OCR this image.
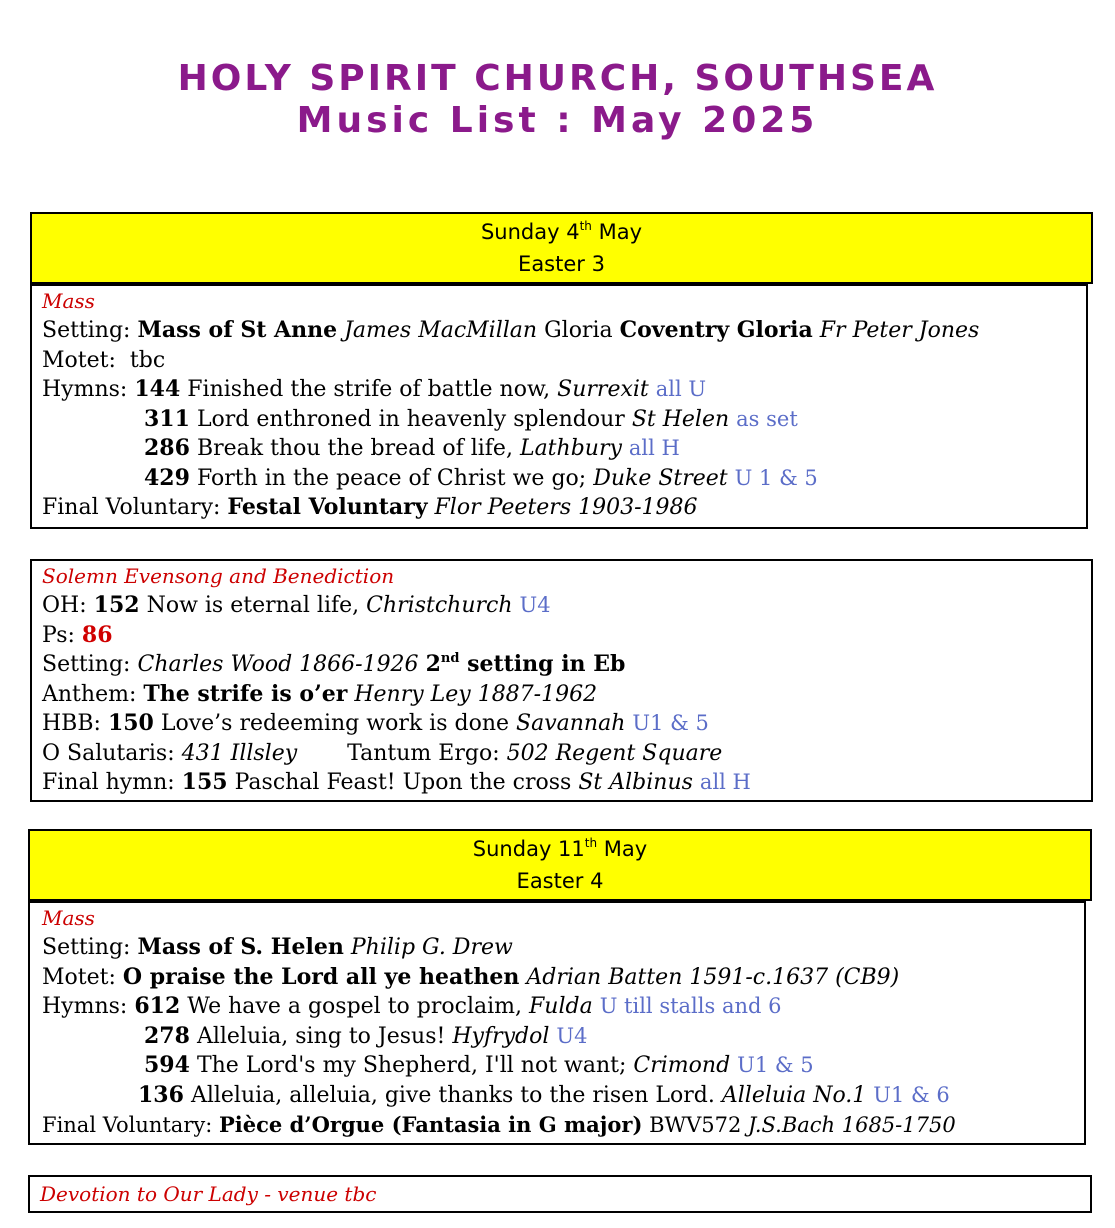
HOLY SPIRIT CHURCH, SOUTHSEA
Music List : May 2025
Sunday 4th May
Easter 3
Mass
Setting: Mass of St Anne James MacMillan Gloria Coventry Gloria Fr Peter Jones
Motet: tbc
Hymns: 144 Finished the strife of battle now, Surrexit all U
311 Lord enthroned in heavenly splendour St Helen as set
286 Break thou the bread of life, Lathbury all H
429 Forth in the peace of Christ we go; Duke Street U 1 & 5
Final Voluntary: Festal Voluntary Flor Peeters 1903-1986
Solemn Evensong and Benediction
OH: 152 Now is eternal life, Christchurch U4
Ps: 86
Setting: Charles Wood 1866-1926 2nd setting in Eb
Anthem: The strife is o’er Henry Ley 1887-1962
HBB: 150 Love’s redeeming work is done Savannah U1 & 5
O Salutaris: 431 Illsley Tantum Ergo: 502 Regent Square
Final hymn: 155 Paschal Feast! Upon the cross St Albinus all H
Sunday 11th May
Easter 4
Mass
Setting: Mass of S. Helen Philip G. Drew
Motet: O praise the Lord all ye heathen Adrian Batten 1591-c.1637 (CB9)
Hymns: 612 We have a gospel to proclaim, Fulda U till stalls and 6
278 Alleluia, sing to Jesus! Hyfrydol U4
594 The Lord's my Shepherd, I'll not want; Crimond U1 & 5
136 Alleluia, alleluia, give thanks to the risen Lord. Alleluia No.1 U1 & 6
Final Voluntary: Pièce d’Orgue (Fantasia in G major) BWV572 J.S.Bach 1685-1750
Devotion to Our Lady - venue tbc
